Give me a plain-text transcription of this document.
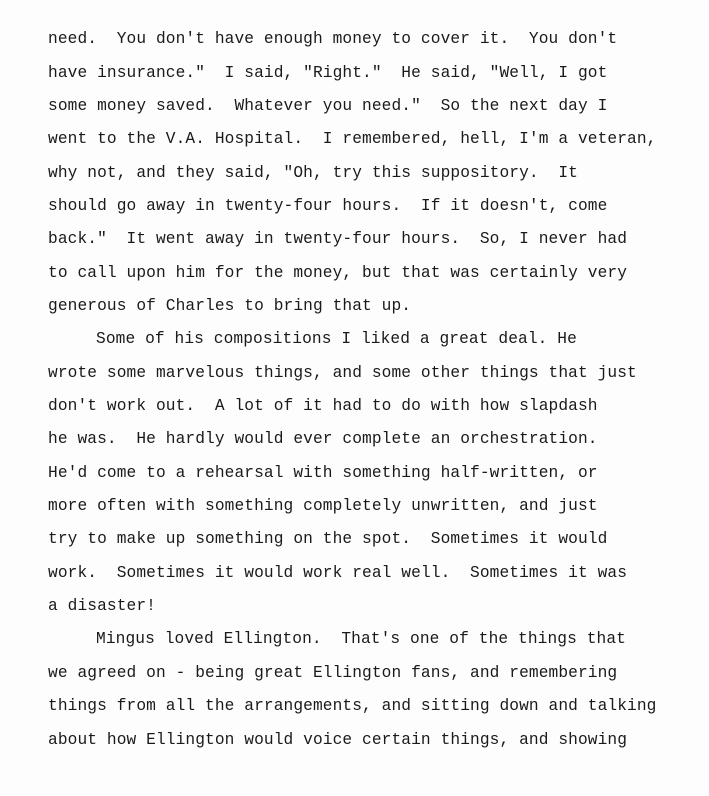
need.  You don't have enough money to cover it.  You don't
have insurance."  I said, "Right."  He said, "Well, I got
some money saved.  Whatever you need."  So the next day I
went to the V.A. Hospital.  I remembered, hell, I'm a veteran,
why not, and they said, "Oh, try this suppository.  It
should go away in twenty-four hours.  If it doesn't, come
back."  It went away in twenty-four hours.  So, I never had
to call upon him for the money, but that was certainly very
generous of Charles to bring that up.
Some of his compositions I liked a great deal. He
wrote some marvelous things, and some other things that just
don't work out.  A lot of it had to do with how slapdash
he was.  He hardly would ever complete an orchestration.
He'd come to a rehearsal with something half-written, or
more often with something completely unwritten, and just
try to make up something on the spot.  Sometimes it would
work.  Sometimes it would work real well.  Sometimes it was
a disaster!
Mingus loved Ellington.  That's one of the things that
we agreed on - being great Ellington fans, and remembering
things from all the arrangements, and sitting down and talking
about how Ellington would voice certain things, and showing
